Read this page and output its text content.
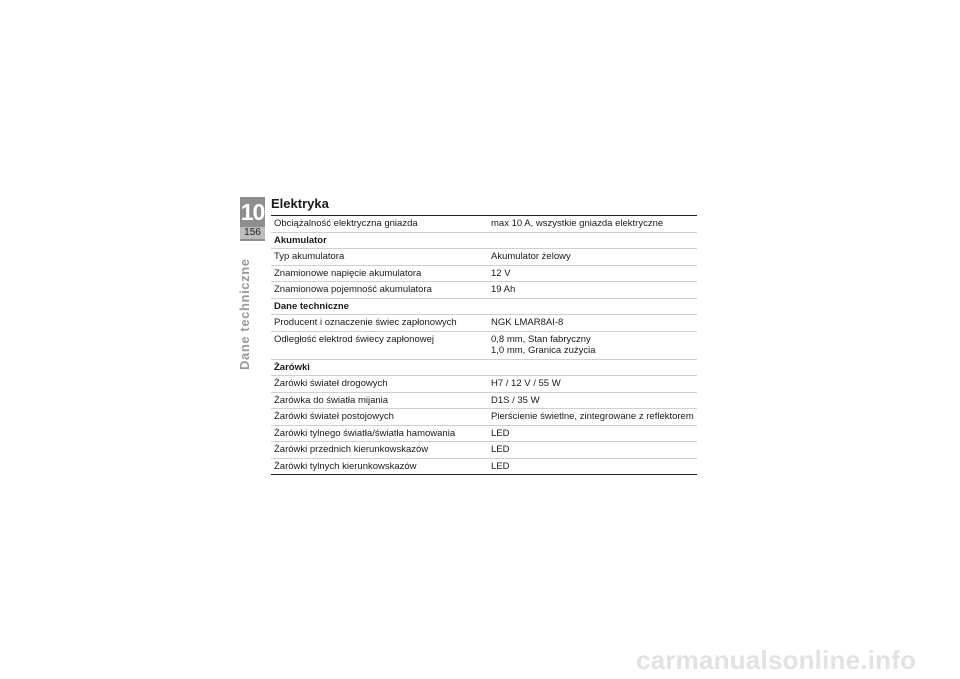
10
156
Dane techniczne
Elektryka
Obciążalność elektryczna gniazda	max 10 A, wszystkie gniazda elektryczne

Akumulator	
Typ akumulatora	Akumulator żelowy

Znamionowe napięcie akumulatora	12 V

Znamionowa pojemność akumulatora	19 Ah

Dane techniczne	
Producent i oznaczenie świec zapłonowych	NGK LMAR8AI-8

Odległość elektrod świecy zapłonowej	0,8 mm, Stan fabryczny
1,0 mm, Granica zużycia

Żarówki	
Żarówki świateł drogowych	H7 / 12 V / 55 W

Żarówka do światła mijania	D1S / 35 W

Żarówki świateł postojowych	Pierścienie świetlne, zintegrowane z reflektorem

Żarówki tylnego światła/światła hamowania	LED

Żarówki przednich kierunkowskazów	LED

Żarówki tylnych kierunkowskazów	LED
carmanualsonline.info
